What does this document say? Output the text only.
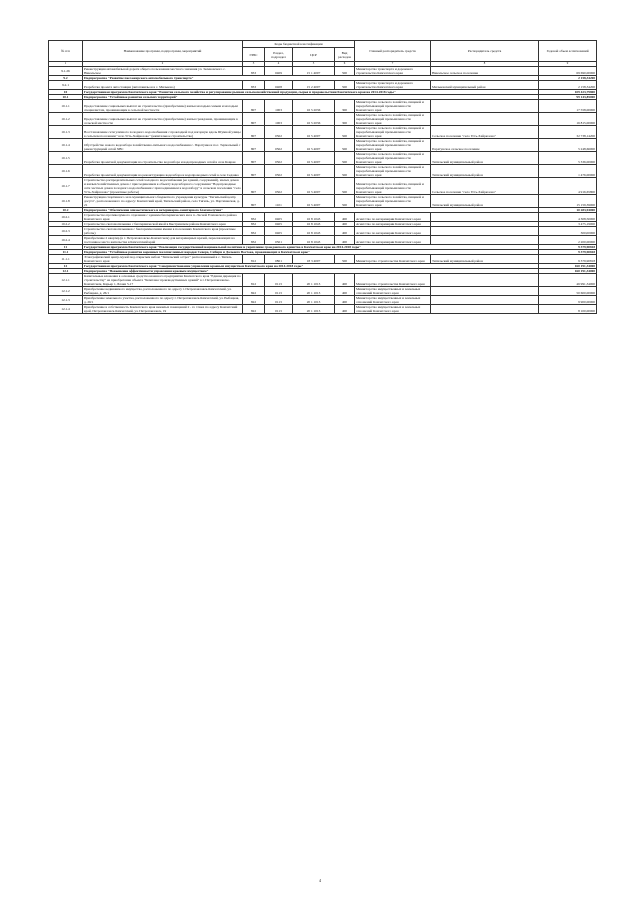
№ п/п	Наименование программ, подпрограмм, мероприятий	Коды бюджетной классификации				Главный распорядитель средств	Распорядитель средств	Годовой объем ассигнований
		ГРБС	Раздел, подраздел	ЦСР	Вид расходов			
1	2	3	4	5	6	7	8	9
9.1.26	Реконструкция автомобильной дороги общего пользования местного значения ул. Зеленовского с. Никольское	833	0409	15 1 4007	500	Министерство транспорта и дорожного строительства Камчатского края	Никольское сельское поселение	69 690,00000
9.2	Подпрограмма "Развитие пассажирского автомобильного транспорта"							2 158,34200
9.2.1	Разработка проекта автостанции (автопавильон в с. Мильково)	833	0408	15 2 4007	500	Министерство транспорта и дорожного строительства Камчатского края	Мильковский муниципальный район	2 158,34200
10	Государственная программа Камчатского края "Развитие сельского хозяйства и регулирование рынков сельскохозяйственной продукции, сырья и продовольствия Камчатского края на 2014-2018 годы"							109 423,79800
10.1	Подпрограмма "Устойчивое развитие сельских территорий"							99 143,85000
10.1.1	Предоставление социальных выплат на строительство (приобретение) жилья молодым семьям и молодым специалистам, проживающим в сельской местности	807	1003	16 5 2036	300	Министерство сельского хозяйства, пищевой и перерабатывающей промышленности Камчатского края		17 558,00000
10.1.2	Предоставление социальных выплат на строительство (приобретение) жилья гражданам, проживающим в сельской местности	807	1003	16 5 2036	300	Министерство сельского хозяйства, пищевой и перерабатывающей промышленности Камчатского края		16 815,00000
10.1.3	Восстановление сети уличного холодного водоснабжения с прокладкой под нагорную вдоль Шумной улицы в сельском поселении "село Усть-Хайрюзово" (капитальное строительство)	807	0502	16 5 4007	500	Министерство сельского хозяйства, пищевой и перерабатывающей промышленности Камчатского края	Сельское поселение "село Усть-Хайрюзово"	32 738,14200
10.1.4	Обустройство нового водозабора хозяйственно-питьевого водоснабжения с. Паратунка и пос. Термальный с реконструкцией сетей ХВС	807	0502	16 5 4007	500	Министерство сельского хозяйства, пищевой и перерабатывающей промышленности Камчатского края	Паратунское сельское поселение	5 248,66000
10.1.5	Разработка проектной документации на строительство водозабора и водопроводных сетей в селе Ковран	807	0502	16 5 4007	500	Министерство сельского хозяйства, пищевой и перерабатывающей промышленности Камчатского края	Тигильский муниципальный район	5 336,00000
10.1.6	Разработка проектной документации на реконструкцию водозабора и водопроводных сетей в селе Седанка	807	0502	16 5 4007	500	Министерство сельского хозяйства, пищевой и перерабатывающей промышленности Камчатского края	Тигильский муниципальный район	1 476,00000
10.1.7	Строительство распределительных сетей холодного водоснабжения (ее зданий, сооружений), малых домов и жилых/хозяйственных домов с присоединением к объекту водозаборного сооружения "Водопроводные сети частных домов холодного водоснабжения с присоединением к водозабору" в сельском поселении "село Усть-Хайрюзово" (проектные работы)	807	0502	16 5 4007	500	Министерство сельского хозяйства, пищевой и перерабатывающей промышленности Камчатского края	Сельское поселение "село Усть-Хайрюзово"	4 916,65800
10.1.8	Реконструкция спортивного зала муниципального бюджетного учреждения культуры "Тигильский центр досуга", расположенного по адресу: Камчатский край, Тигильский район, село Тигиль, ул. Партизанская, д. 21	807	1101	16 5 4007	500	Министерство сельского хозяйства, пищевой и перерабатывающей промышленности Камчатского края	Тигильский муниципальный район	15 159,39000
10.2	Подпрограмма "Обеспечение эпизоотического и ветеринарно-санитарного благополучия"							10 283,94000
10.2.1	Строительство противочумного отделения с зданием биотермических ям в п. Лесной Елизовского района Камчатского края	832	0405	16 8 1043	400	Агентство по ветеринарии Камчатского края		4 308,50000
10.2.2	Строительство скотомогильника с биотермической ямой в Быстринском районе Камчатского края	832	0405	16 8 1043	400	Агентство по ветеринарии Камчатского края		3 475,19000
10.2.3	Строительство скотомогильников с биотермическими ямами в поселениях Камчатского края (проектные работы)	832	0405	16 8 1043	400	Агентство по ветеринарии Камчатского края		300,00000
10.2.4	Приобретение 2 квартир (в г. Петропавловске-Камчатском) для ветеринарных врачей, переезжающих на постоянное место жительства в Камчатский край	832	0501	16 8 1043	400	Агентство по ветеринарии Камчатского края		2 200,00000
11	Государственная программа Камчатского края "Реализация государственной национальной политики и укрепление гражданского единства в Камчатском крае на 2014-2018 годы"							9 379,90818
11.1	Подпрограмма "Устойчивое развитие коренных малочисленных народов Севера, Сибири и Дальнего Востока, проживающих в Камчатском крае"							9 379,90818
11.1.1	Этнографический центр-музей под открытым небом "Тигильский острог" расположенный в с. Тигиль Камчатского края	812	0801	18 3 4007	500	Министерство строительства Камчатского края	Тигильский муниципальный район	9 379,90818
12	Государственная программа Камчатского края "Совершенствование управления краевым имуществом Камчатского края на 2014-2018 годы"							160 191,34000
12.1	Подпрограмма "Повышение эффективности управления краевым имуществом"							160 191,34000
12.1.1	Капитальные вложения в основные средства казенного предприятия Камчатского края "Единая дирекция по строительству" на приобретение объекта "Комплекс производственных зданий" в г. Петропавловске-Камчатском, Карьер 1, Блоки 5-17	812	0113	20 1 1013	400	Министерство строительства Камчатского края		46 991,34000
12.1.2	Приобретение недвижимого имущества, расположенного по адресу г. Петропавловск-Камчатский, ул. Рыбацкая, д. 26/1	822	0113	20 1 1013	400	Министерство имущественных и земельных отношений Камчатского края		50 600,00000
12.1.3	Приобретение земельного участка, расположенного по адресу г. Петропавловск-Камчатский, ул. Рыбацкая, д. 26/1	822	0113	20 1 1013	400	Министерство имущественных и земельных отношений Камчатского края		9 900,00000
12.1.4	Приобретение в собственность Камчатского края нежилых помещений 2 - го этажа по адресу Камчатский край, Петропавловск-Камчатский, ул. Петропавловск, 19	822	0113	20 1 1013	400	Министерство имущественных и земельных отношений Камчатского края		8 100,00000
4
